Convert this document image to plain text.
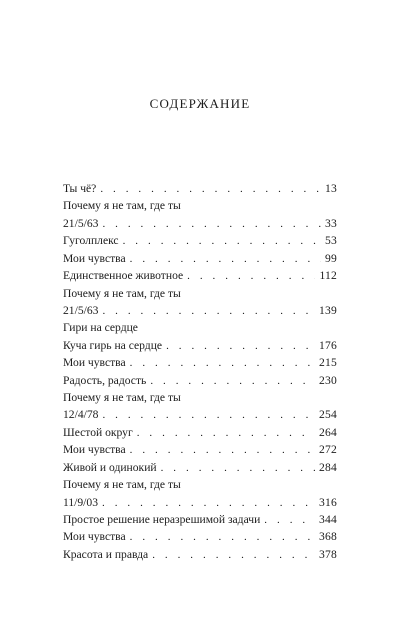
СОДЕРЖАНИЕ
Ты чё? . . .	13
Почему я не там, где ты
21/5/63 . . .	33
Гуголплекс . . .	53
Мои чувства . . .	99
Единственное животное . . .	112
Почему я не там, где ты
21/5/63 . . .	139
Гири на сердце
Куча гирь на сердце . . .	176
Мои чувства . . .	215
Радость, радость . . .	230
Почему я не там, где ты
12/4/78 . . .	254
Шестой округ . . .	264
Мои чувства . . .	272
Живой и одинокий . . .	284
Почему я не там, где ты
11/9/03 . . .	316
Простое решение неразрешимой задачи . . .	344
Мои чувства . . .	368
Красота и правда . . .	378
